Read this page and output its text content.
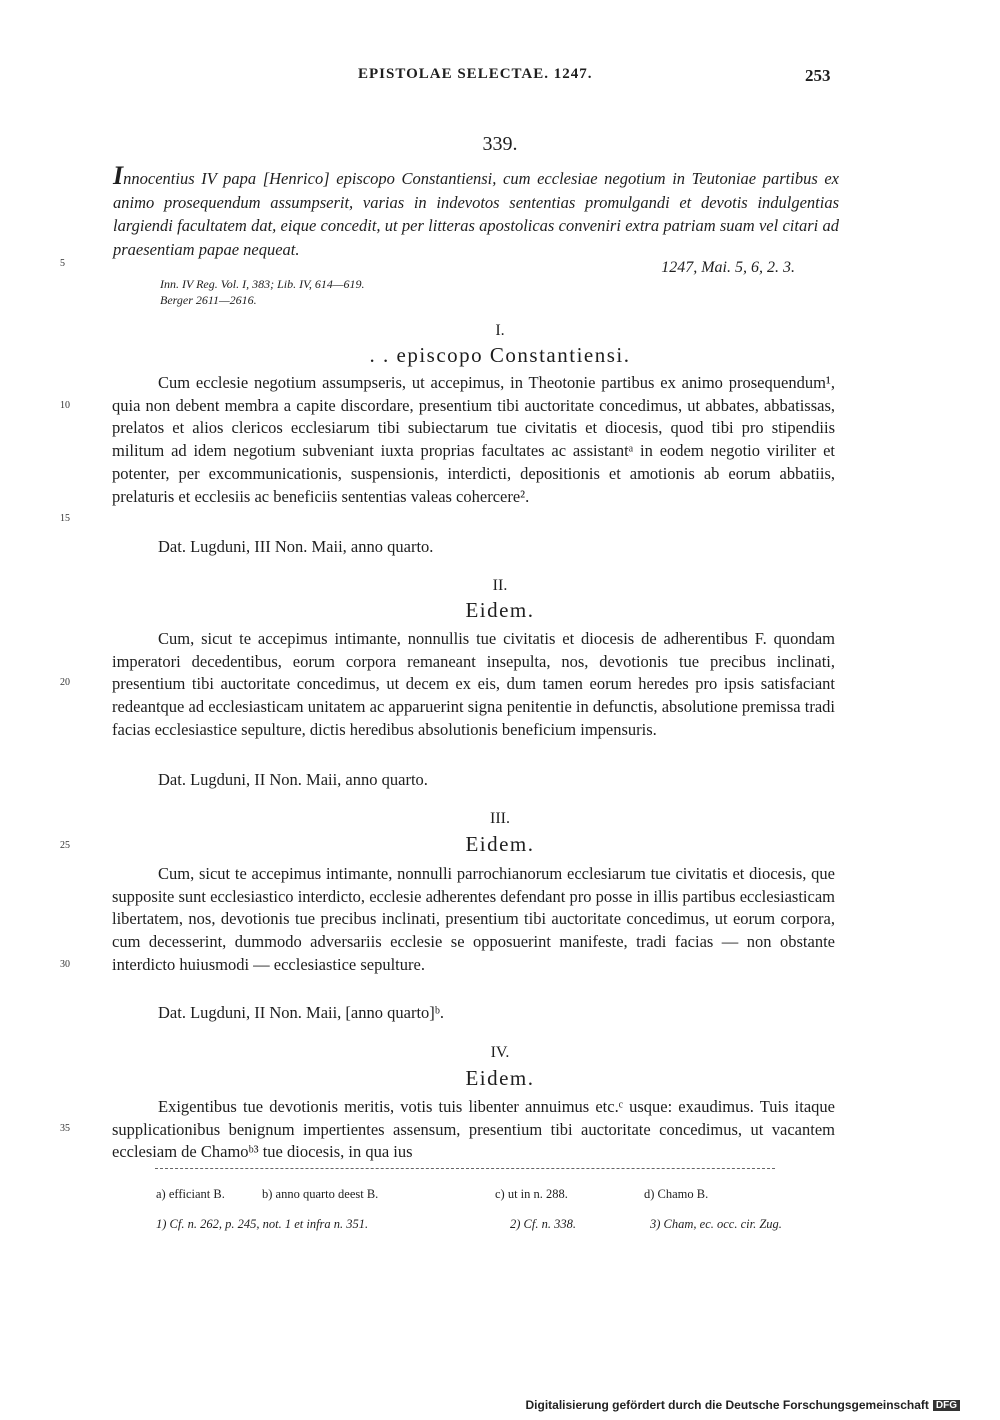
EPISTOLAE SELECTAE. 1247.	253
339.
Innocentius IV papa [Henrico] episcopo Constantiensi, cum ecclesiae negotium in Teutoniae partibus ex animo prosequendum assumpserit, varias in indevotos sententias promulgandi et devotis indulgentias largiendi facultatem dat, eique concedit, ut per litteras apostolicas conveniri extra patriam suam vel citari ad praesentiam papae nequeat.
1247, Mai. 5, 6, 2. 3.
Inn. IV Reg. Vol. I, 383; Lib. IV, 614—619.
Berger 2611—2616.
5
10
15
20
25
30
35
I.
. . episcopo Constantiensi.
Cum ecclesie negotium assumpseris, ut accepimus, in Theotonie partibus ex animo prosequendum¹, quia non debent membra a capite discordare, presentium tibi auctoritate concedimus, ut abbates, abbatissas, prelatos et alios clericos ecclesiarum tibi subiectarum tue civitatis et diocesis, quod tibi pro stipendiis militum ad idem negotium subveniant iuxta proprias facultates ac assistantᵃ in eodem negotio viriliter et potenter, per excommunicationis, suspensionis, interdicti, depositionis et amotionis ab eorum abbatiis, prelaturis et ecclesiis ac beneficiis sententias valeas cohercere².
Dat. Lugduni, III Non. Maii, anno quarto.
II.
Eidem.
Cum, sicut te accepimus intimante, nonnullis tue civitatis et diocesis de adherentibus F. quondam imperatori decedentibus, eorum corpora remaneant insepulta, nos, devotionis tue precibus inclinati, presentium tibi auctoritate concedimus, ut decem ex eis, dum tamen eorum heredes pro ipsis satisfaciant redeantque ad ecclesiasticam unitatem ac apparuerint signa penitentie in defunctis, absolutione premissa tradi facias ecclesiastice sepulture, dictis heredibus absolutionis beneficium impensuris.
Dat. Lugduni, II Non. Maii, anno quarto.
III.
Eidem.
Cum, sicut te accepimus intimante, nonnulli parrochianorum ecclesiarum tue civitatis et diocesis, que supposite sunt ecclesiastico interdicto, ecclesie adherentes defendant pro posse in illis partibus ecclesiasticam libertatem, nos, devotionis tue precibus inclinati, presentium tibi auctoritate concedimus, ut eorum corpora, cum decesserint, dummodo adversariis ecclesie se opposuerint manifeste, tradi facias — non obstante interdicto huiusmodi — ecclesiastice sepulture.
Dat. Lugduni, II Non. Maii, [anno quarto]ᵇ.
IV.
Eidem.
Exigentibus tue devotionis meritis, votis tuis libenter annuimus etc.ᶜ usque: exaudimus. Tuis itaque supplicationibus benignum impertientes assensum, presentium tibi auctoritate concedimus, ut vacantem ecclesiam de Chamoᵇ³ tue diocesis, in qua ius
a) efficiant B.	b) anno quarto deest B.	c) ut in n. 288.	d) Chamo B.
1) Cf. n. 262, p. 245, not. 1 et infra n. 351.	2) Cf. n. 338.	3) Cham, ec. occ. cir. Zug.
Digitalisierung gefördert durch die Deutsche Forschungsgemeinschaft DFG
